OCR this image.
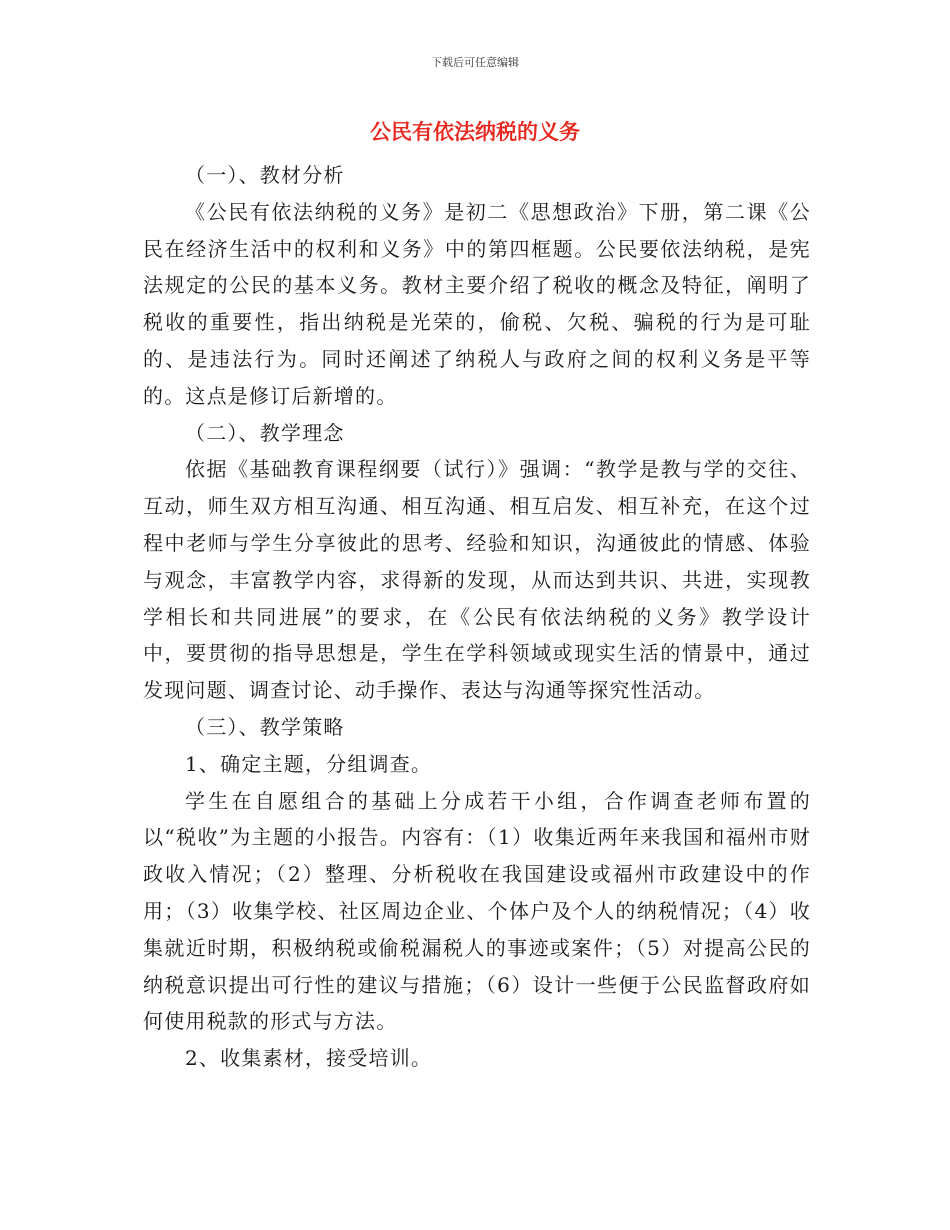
下载后可任意编辑
公民有依法纳税的义务

（一）、教材分析

《公民有依法纳税的义务》是初二《思想政治》下册，第二课《公民在经济生活中的权利和义务》中的第四框题。公民要依法纳税，是宪法规定的公民的基本义务。教材主要介绍了税收的概念及特征，阐明了税收的重要性，指出纳税是光荣的，偷税、欠税、骗税的行为是可耻的、是违法行为。同时还阐述了纳税人与政府之间的权利义务是平等的。这点是修订后新增的。

（二）、教学理念

依据《基础教育课程纲要（试行）》强调：“教学是教与学的交往、互动，师生双方相互沟通、相互沟通、相互启发、相互补充，在这个过程中老师与学生分享彼此的思考、经验和知识，沟通彼此的情感、体验与观念，丰富教学内容，求得新的发现，从而达到共识、共进，实现教学相长和共同进展”的要求，在《公民有依法纳税的义务》教学设计中，要贯彻的指导思想是，学生在学科领域或现实生活的情景中，通过发现问题、调查讨论、动手操作、表达与沟通等探究性活动。

（三）、教学策略

1、确定主题，分组调查。

学生在自愿组合的基础上分成若干小组，合作调查老师布置的以“税收”为主题的小报告。内容有：（1）收集近两年来我国和福州市财政收入情况；（2）整理、分析税收在我国建设或福州市政建设中的作用；（3）收集学校、社区周边企业、个体户及个人的纳税情况；（4）收集就近时期，积极纳税或偷税漏税人的事迹或案件；（5）对提高公民的纳税意识提出可行性的建议与措施；（6）设计一些便于公民监督政府如何使用税款的形式与方法。

2、收集素材，接受培训。
